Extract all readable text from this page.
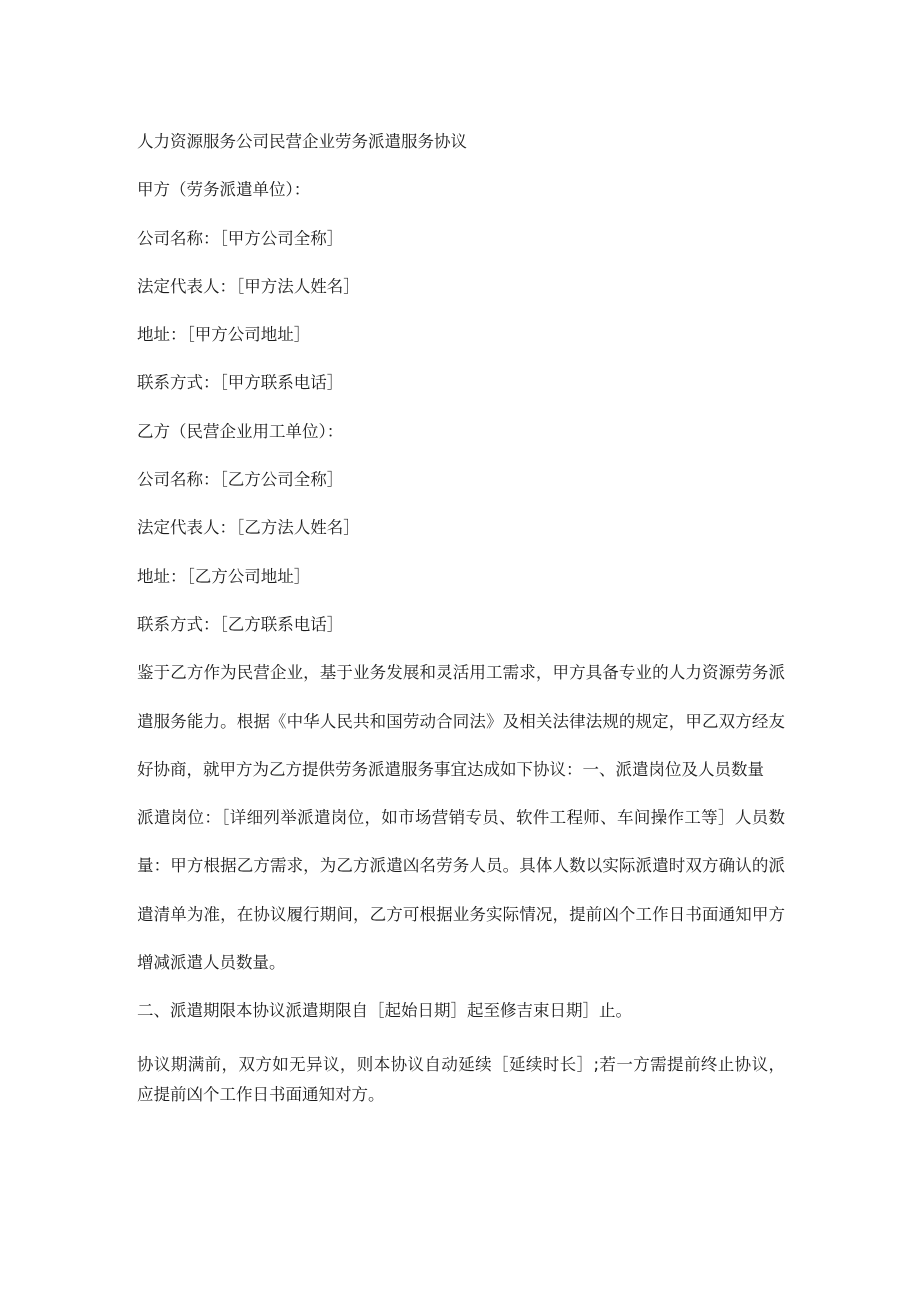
人力资源服务公司民营企业劳务派遣服务协议

甲方（劳务派遣单位）：

公司名称：［甲方公司全称］

法定代表人：［甲方法人姓名］

地址：［甲方公司地址］

联系方式：［甲方联系电话］

乙方（民营企业用工单位）：

公司名称：［乙方公司全称］

法定代表人：［乙方法人姓名］

地址：［乙方公司地址］

联系方式：［乙方联系电话］

鉴于乙方作为民营企业，基于业务发展和灵活用工需求，甲方具备专业的人力资源劳务派遣服务能力。根据《中华人民共和国劳动合同法》及相关法律法规的规定，甲乙双方经友好协商，就甲方为乙方提供劳务派遣服务事宜达成如下协议：一、派遣岗位及人员数量

派遣岗位：［详细列举派遣岗位，如市场营销专员、软件工程师、车间操作工等］人员数量：甲方根据乙方需求，为乙方派遣凶名劳务人员。具体人数以实际派遣时双方确认的派遣清单为准，在协议履行期间，乙方可根据业务实际情况，提前凶个工作日书面通知甲方增减派遣人员数量。

二、派遣期限本协议派遣期限自［起始日期］起至修吉束日期］止。

协议期满前，双方如无异议，则本协议自动延续［延续时长］;若一方需提前终止协议，应提前凶个工作日书面通知对方。
